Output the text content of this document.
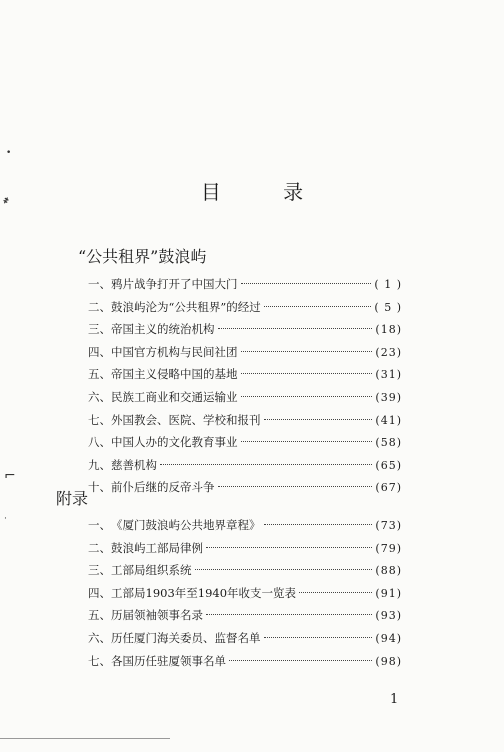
•
҂
⌐
·
目 录
“公共租界”鼓浪屿
一、 鸦片战争打开了中国大门	( 1 )
二、 鼓浪屿沦为“公共租界”的经过	( 5 )
三、 帝国主义的统治机构	(18)
四、 中国官方机构与民间社团	(23)
五、 帝国主义侵略中国的基地	(31)
六、 民族工商业和交通运输业	(39)
七、 外国教会、医院、学校和报刊	(41)
八、 中国人办的文化教育事业	(58)
九、 慈善机构	(65)
十、 前仆后继的反帝斗争	(67)
附录
一、 《厦门鼓浪屿公共地界章程》	(73)
二、 鼓浪屿工部局律例	(79)
三、 工部局组织系统	(88)
四、 工部局1903年至1940年收支一览表	(91)
五、 历届领袖领事名录	(93)
六、 历任厦门海关委员、监督名单	(94)
七、 各国历任驻厦领事名单	(98)
1
